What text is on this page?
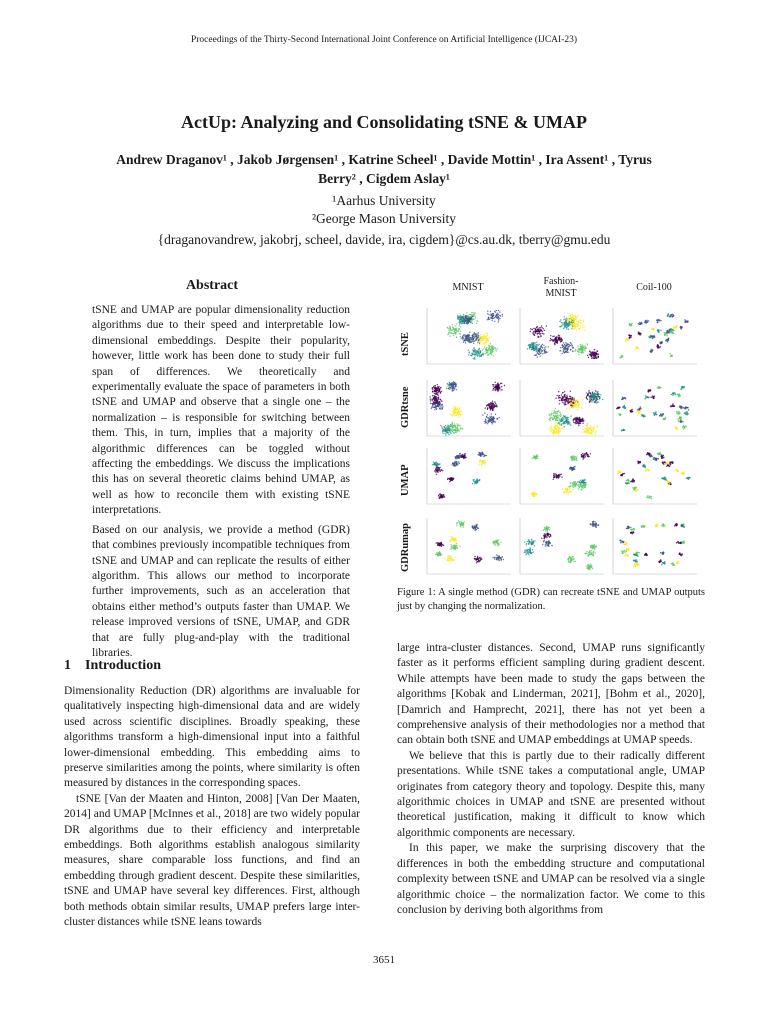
Proceedings of the Thirty-Second International Joint Conference on Artificial Intelligence (IJCAI-23)
ActUp: Analyzing and Consolidating tSNE & UMAP
Andrew Draganov¹ , Jakob Jørgensen¹ , Katrine Scheel¹ , Davide Mottin¹ , Ira Assent¹ , Tyrus
Berry² , Cigdem Aslay¹
¹Aarhus University
²George Mason University
{draganovandrew, jakobrj, scheel, davide, ira, cigdem}@cs.au.dk, tberry@gmu.edu
Abstract

tSNE and UMAP are popular dimensionality reduction algorithms due to their speed and interpretable low-dimensional embeddings. Despite their popularity, however, little work has been done to study their full span of differences. We theoretically and experimentally evaluate the space of parameters in both tSNE and UMAP and observe that a single one – the normalization – is responsible for switching between them. This, in turn, implies that a majority of the algorithmic differences can be toggled without affecting the embeddings. We discuss the implications this has on several theoretic claims behind UMAP, as well as how to reconcile them with existing tSNE interpretations.

Based on our analysis, we provide a method (GDR) that combines previously incompatible techniques from tSNE and UMAP and can replicate the results of either algorithm. This allows our method to incorporate further improvements, such as an acceleration that obtains either method’s outputs faster than UMAP. We release improved versions of tSNE, UMAP, and GDR that are fully plug-and-play with the traditional libraries.

1 Introduction

Dimensionality Reduction (DR) algorithms are invaluable for qualitatively inspecting high-dimensional data and are widely used across scientific disciplines. Broadly speaking, these algorithms transform a high-dimensional input into a faithful lower-dimensional embedding. This embedding aims to preserve similarities among the points, where similarity is often measured by distances in the corresponding spaces.

tSNE [Van der Maaten and Hinton, 2008] [Van Der Maaten, 2014] and UMAP [McInnes et al., 2018] are two widely popular DR algorithms due to their efficiency and interpretable embeddings. Both algorithms establish analogous similarity measures, share comparable loss functions, and find an embedding through gradient descent. Despite these similarities, tSNE and UMAP have several key differences. First, although both methods obtain similar results, UMAP prefers large inter-cluster distances while tSNE leans towards

MNIST
Fashion-MNIST
Coil-100
tSNE
GDRtsne
UMAP
GDRumap
Figure 1: A single method (GDR) can recreate tSNE and UMAP outputs just by changing the normalization.

large intra-cluster distances. Second, UMAP runs significantly faster as it performs efficient sampling during gradient descent. While attempts have been made to study the gaps between the algorithms [Kobak and Linderman, 2021], [Bohm et al., 2020], [Damrich and Hamprecht, 2021], there has not yet been a comprehensive analysis of their methodologies nor a method that can obtain both tSNE and UMAP embeddings at UMAP speeds.

We believe that this is partly due to their radically different presentations. While tSNE takes a computational angle, UMAP originates from category theory and topology. Despite this, many algorithmic choices in UMAP and tSNE are presented without theoretical justification, making it difficult to know which algorithmic components are necessary.

In this paper, we make the surprising discovery that the differences in both the embedding structure and computational complexity between tSNE and UMAP can be resolved via a single algorithmic choice – the normalization factor. We come to this conclusion by deriving both algorithms from

3651
